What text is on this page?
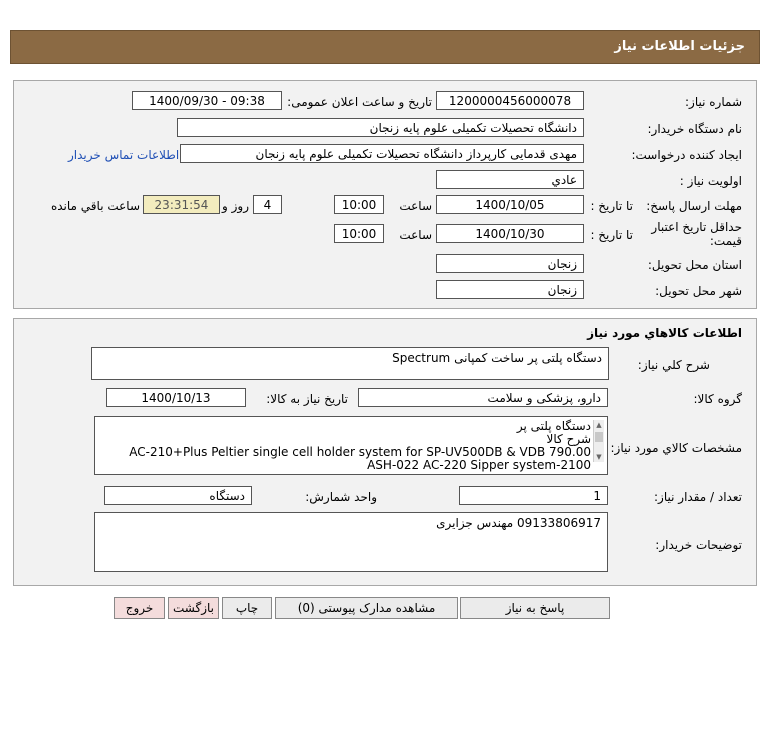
جزئیات اطلاعات نیاز
شماره نیاز:
1200000456000078
تاریخ و ساعت اعلان عمومی:
1400/09/30 - 09:38
نام دستگاه خریدار:
دانشگاه تحصیلات تکمیلی علوم پایه زنجان
ایجاد کننده درخواست:
مهدی قدمایی کارپرداز دانشگاه تحصیلات تکمیلی علوم پایه زنجان
اطلاعات تماس خریدار
اولویت نیاز :
عادي
مهلت ارسال پاسخ:
تا تاریخ :
1400/10/05
ساعت
10:00
4
روز و
23:31:54
ساعت باقي مانده
حداقل تاریخ اعتبار قیمت:
تا تاریخ :
1400/10/30
ساعت
10:00
استان محل تحویل:
زنجان
شهر محل تحویل:
زنجان
اطلاعات کالاهاي مورد نياز
شرح کلي نياز:
دستگاه پلتی پر ساخت کمپانی Spectrum
گروه کالا:
دارو، پزشکی و سلامت
تاریخ نیاز به کالا:
1400/10/13
مشخصات کالاي مورد نياز:
دستگاه پلتی پر
شرح کالا
AC-210+Plus Peltier single cell holder system for SP-UV500DB & VDB 790.00
ASH-022 AC-220 Sipper system-2100
▲
▼
تعداد / مقدار نیاز:
1
واحد شمارش:
دستگاه
توضیحات خریدار:
09133806917 مهندس جزایری
پاسخ به نیاز
مشاهده مدارک پیوستی (0)
چاپ
بازگشت
خروج
